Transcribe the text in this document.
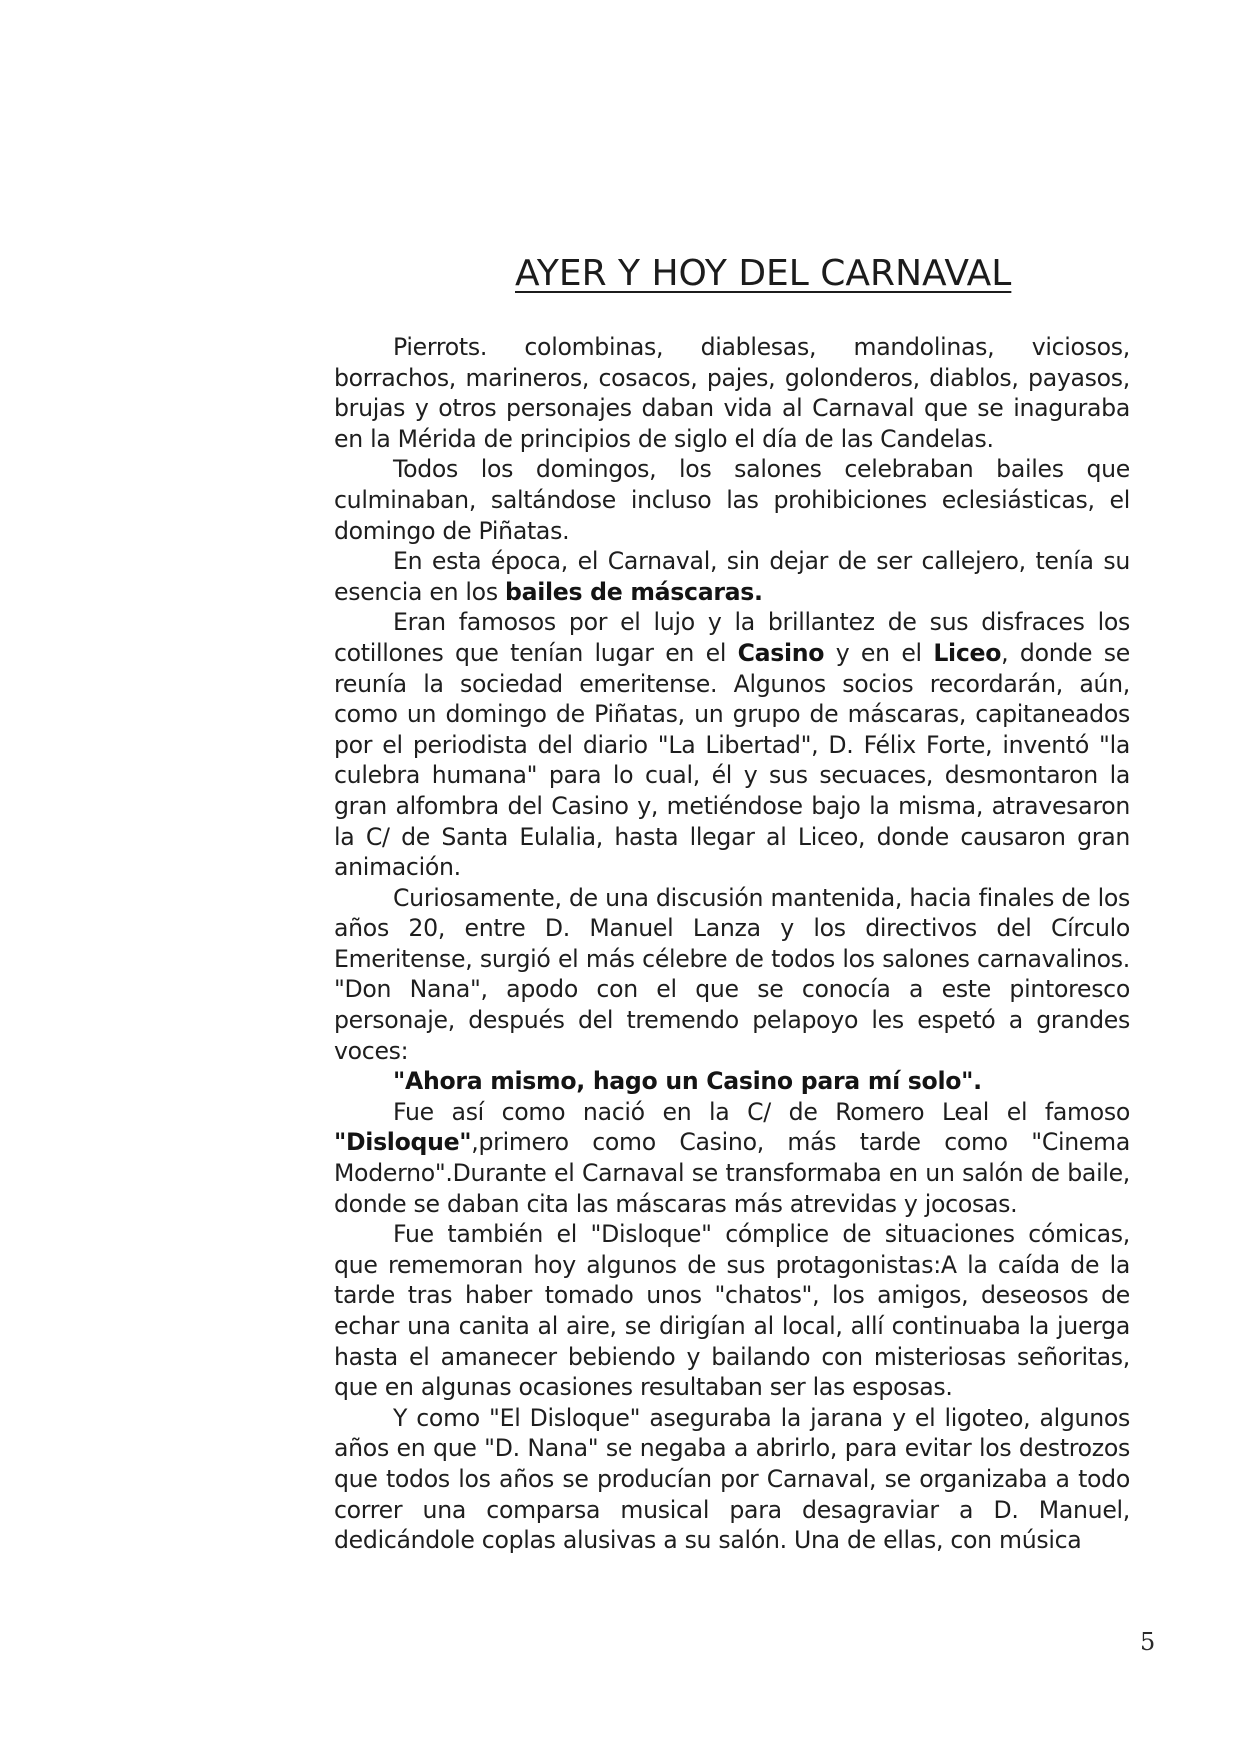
AYER Y HOY DEL CARNAVAL

Pierrots. colombinas, diablesas, mandolinas, viciosos, borrachos, marineros, cosacos, pajes, golonderos, diablos, payasos, brujas y otros personajes daban vida al Carnaval que se inaguraba en la Mérida de principios de siglo el día de las Candelas.

Todos los domingos, los salones celebraban bailes que culminaban, saltándose incluso las prohibiciones eclesiásticas, el domingo de Piñatas.

En esta época, el Carnaval, sin dejar de ser callejero, tenía su esencia en los bailes de máscaras.

Eran famosos por el lujo y la brillantez de sus disfraces los cotillones que tenían lugar en el Casino y en el Liceo, donde se reunía la sociedad emeritense. Algunos socios recordarán, aún, como un domingo de Piñatas, un grupo de máscaras, capitaneados por el periodista del diario "La Libertad", D. Félix Forte, inventó "la culebra humana" para lo cual, él y sus secuaces, desmontaron la gran alfombra del Casino y, metiéndose bajo la misma, atravesaron la C/ de Santa Eulalia, hasta llegar al Liceo, donde causaron gran animación.

Curiosamente, de una discusión mantenida, hacia finales de los años 20, entre D. Manuel Lanza y los directivos del Círculo Emeritense, surgió el más célebre de todos los salones carnavalinos. "Don Nana", apodo con el que se conocía a este pintoresco personaje, después del tremendo pelapoyo les espetó a grandes voces:

"Ahora mismo, hago un Casino para mí solo".

Fue así como nació en la C/ de Romero Leal el famoso "Disloque",primero como Casino, más tarde como "Cinema Moderno".Durante el Carnaval se transformaba en un salón de baile, donde se daban cita las máscaras más atrevidas y jocosas.

Fue también el "Disloque" cómplice de situaciones cómicas, que rememoran hoy algunos de sus protagonistas:A la caída de la tarde tras haber tomado unos "chatos", los amigos, deseosos de echar una canita al aire, se dirigían al local, allí continuaba la juerga hasta el amanecer bebiendo y bailando con misteriosas señoritas, que en algunas ocasiones resultaban ser las esposas.

Y como "El Disloque" aseguraba la jarana y el ligoteo, algunos años en que "D. Nana" se negaba a abrirlo, para evitar los destrozos que todos los años se producían por Carnaval, se organizaba a todo correr una comparsa musical para desagraviar a D. Manuel, dedicándole coplas alusivas a su salón. Una de ellas, con música

5
